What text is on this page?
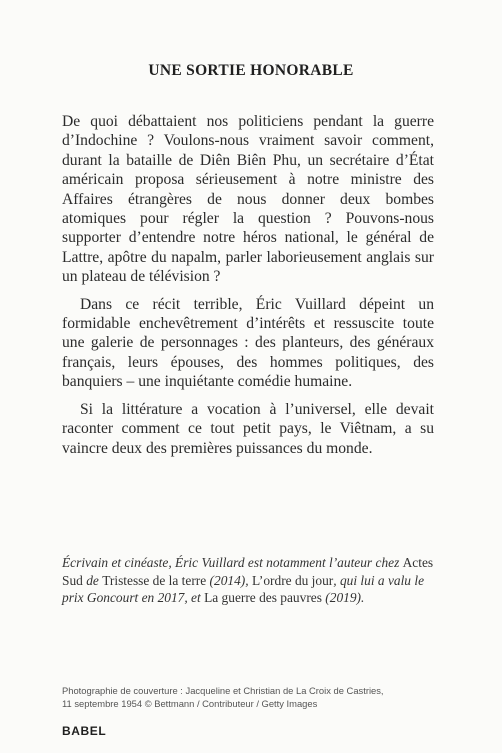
UNE SORTIE HONORABLE

De quoi débattaient nos politiciens pendant la guerre d’Indochine ? Voulons-nous vraiment savoir comment, durant la bataille de Diên Biên Phu, un secrétaire d’État américain proposa sérieusement à notre ministre des Affaires étrangères de nous donner deux bombes atomiques pour régler la question ? Pouvons-nous supporter d’entendre notre héros national, le général de Lattre, apôtre du napalm, parler laborieusement anglais sur un plateau de télévision ?

Dans ce récit terrible, Éric Vuillard dépeint un formidable enchevêtrement d’intérêts et ressuscite toute une galerie de personnages : des planteurs, des généraux français, leurs épouses, des hommes politiques, des banquiers – une inquiétante comédie humaine.

Si la littérature a vocation à l’universel, elle devait raconter comment ce tout petit pays, le Viêtnam, a su vaincre deux des premières puissances du monde.

Écrivain et cinéaste, Éric Vuillard est notamment l’auteur chez Actes Sud de Tristesse de la terre (2014), L’ordre du jour, qui lui a valu le prix Goncourt en 2017, et La guerre des pauvres (2019).

Photographie de couverture : Jacqueline et Christian de La Croix de Castries,
11 septembre 1954 © Bettmann / Contributeur / Getty Images

BABEL
